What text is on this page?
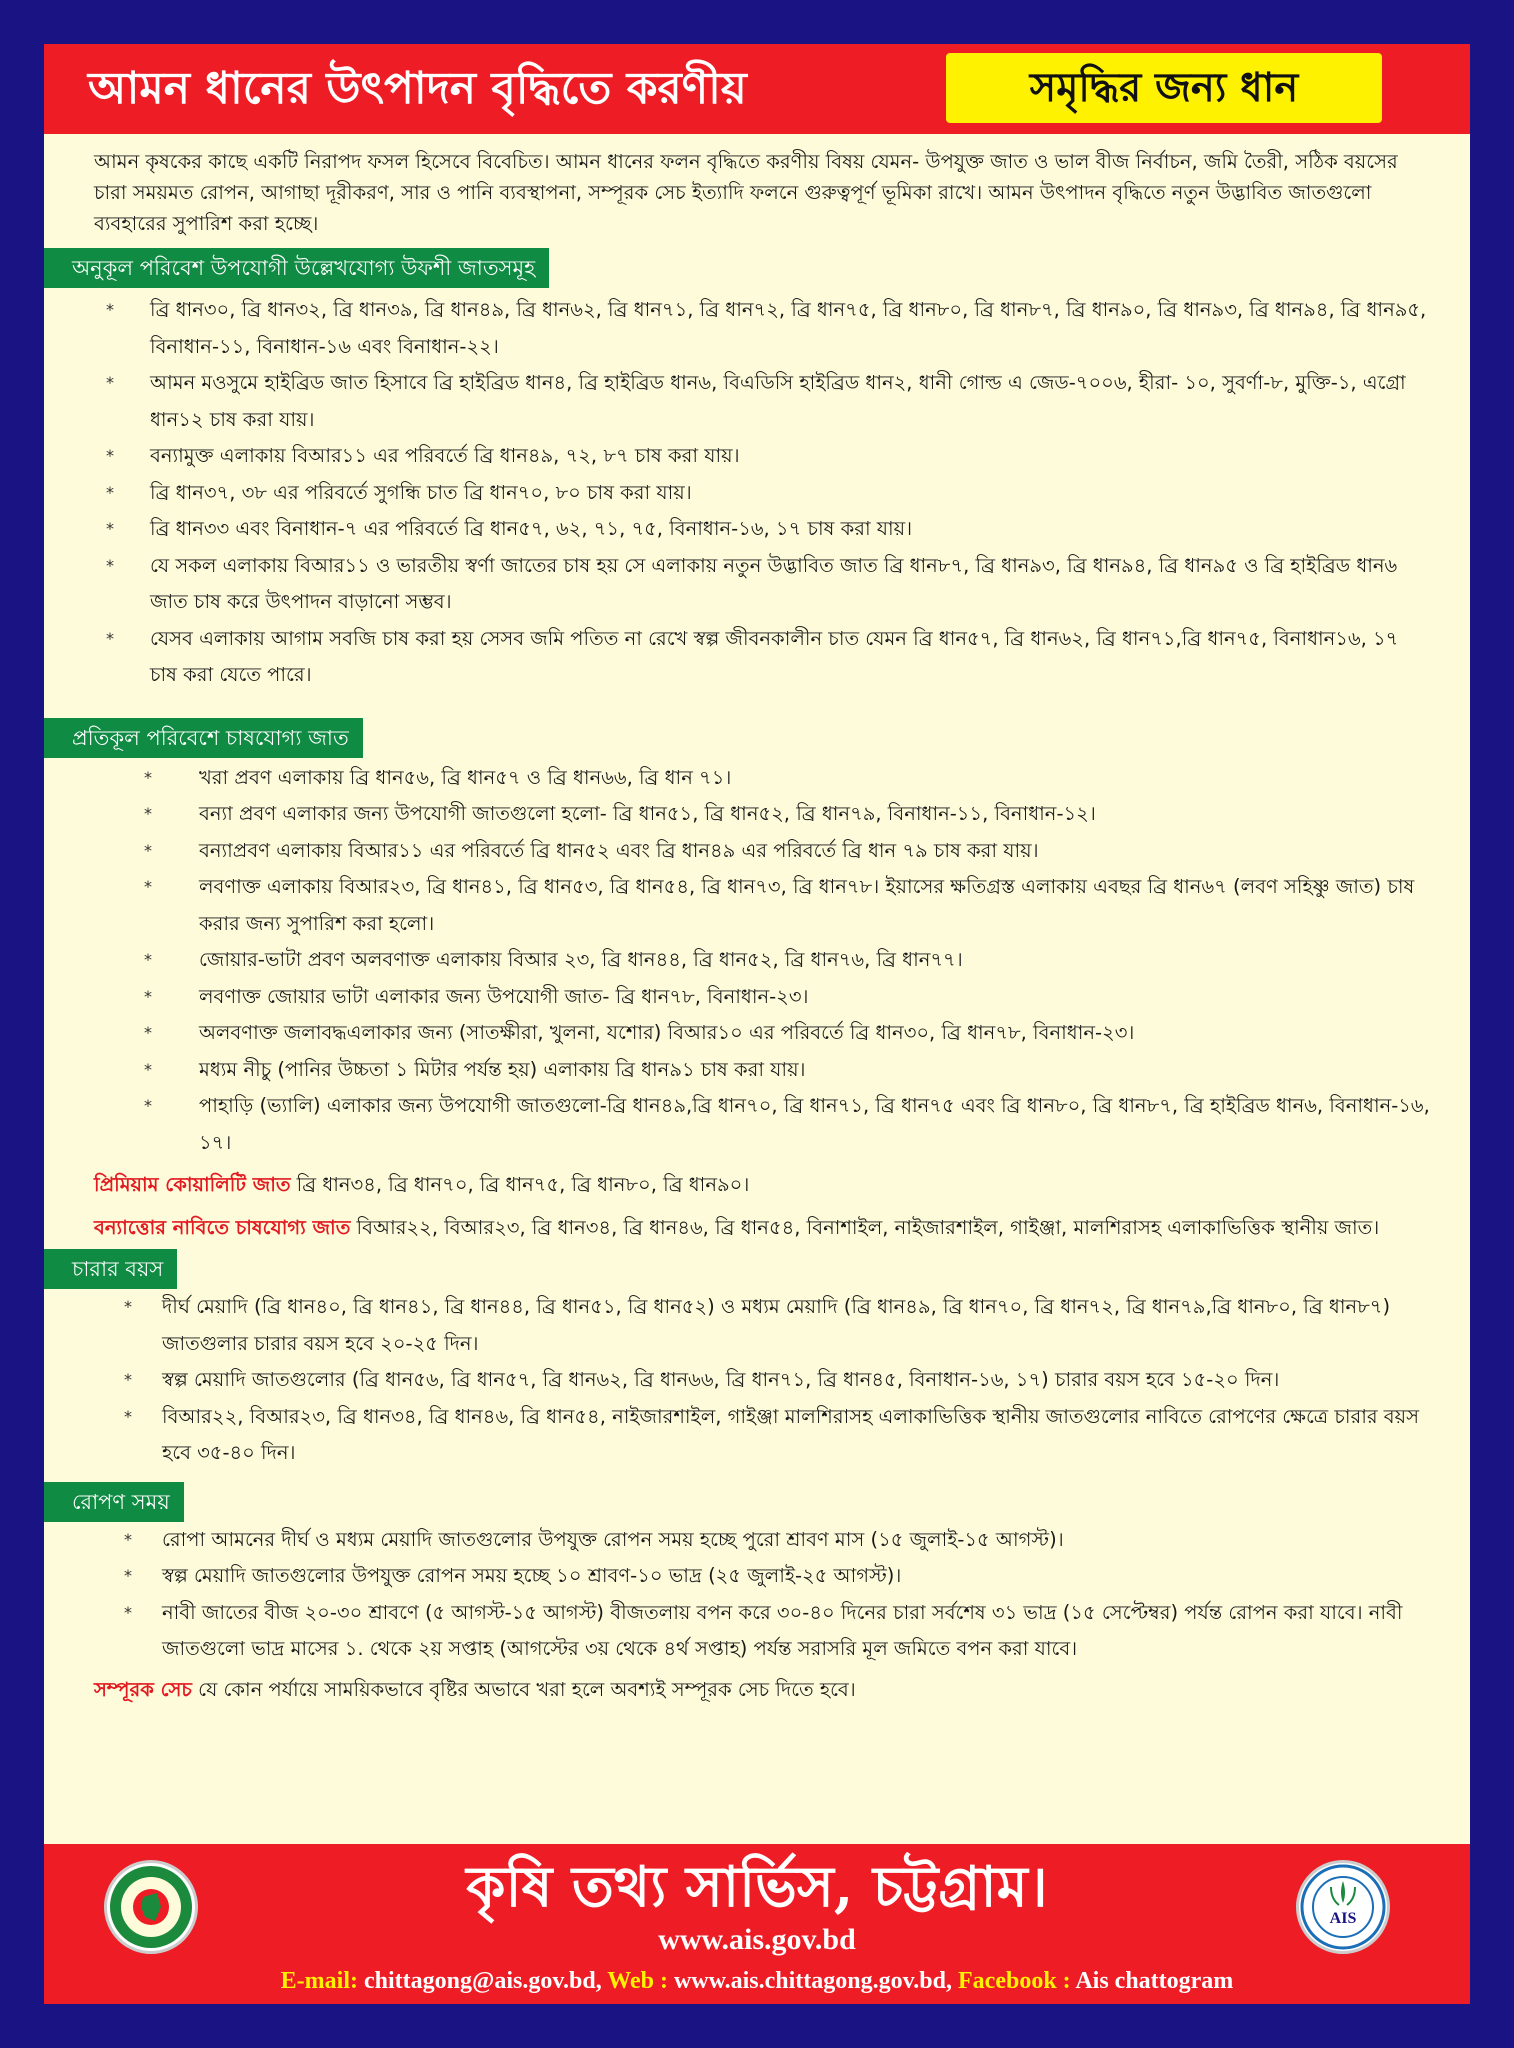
আমন ধানের উৎপাদন বৃদ্ধিতে করণীয়	সমৃদ্ধির জন্য ধান

আমন কৃষকের কাছে একটি নিরাপদ ফসল হিসেবে বিবেচিত। আমন ধানের ফলন বৃদ্ধিতে করণীয় বিষয় যেমন- উপযুক্ত জাত ও ভাল বীজ নির্বাচন, জমি তৈরী, সঠিক বয়সের চারা সময়মত রোপন, আগাছা দূরীকরণ, সার ও পানি ব্যবস্থাপনা, সম্পূরক সেচ ইত্যাদি ফলনে গুরুত্বপূর্ণ ভূমিকা রাখে। আমন উৎপাদন বৃদ্ধিতে নতুন উদ্ভাবিত জাতগুলো ব্যবহারের সুপারিশ করা হচ্ছে।

অনুকূল পরিবেশ উপযোগী উল্লেখযোগ্য উফশী জাতসমূহ
* ব্রি ধান৩০, ব্রি ধান৩২, ব্রি ধান৩৯, ব্রি ধান৪৯, ব্রি ধান৬২, ব্রি ধান৭১, ব্রি ধান৭২, ব্রি ধান৭৫, ব্রি ধান৮০, ব্রি ধান৮৭, ব্রি ধান৯০, ব্রি ধান৯৩, ব্রি ধান৯৪, ব্রি ধান৯৫, বিনাধান-১১, বিনাধান-১৬ এবং বিনাধান-২২।
* আমন মওসুমে হাইব্রিড জাত হিসাবে ব্রি হাইব্রিড ধান৪, ব্রি হাইব্রিড ধান৬, বিএডিসি হাইব্রিড ধান২, ধানী গোল্ড এ জেড-৭০০৬, হীরা- ১০, সুবর্ণা-৮, মুক্তি-১, এগ্রো ধান১২ চাষ করা যায়।
* বন্যামুক্ত এলাকায় বিআর১১ এর পরিবর্তে ব্রি ধান৪৯, ৭২, ৮৭ চাষ করা যায়।
* ব্রি ধান৩৭, ৩৮ এর পরিবর্তে সুগন্ধি চাত ব্রি ধান৭০, ৮০ চাষ করা যায়।
* ব্রি ধান৩৩ এবং বিনাধান-৭ এর পরিবর্তে ব্রি ধান৫৭, ৬২, ৭১, ৭৫, বিনাধান-১৬, ১৭ চাষ করা যায়।
* যে সকল এলাকায় বিআর১১ ও ভারতীয় স্বর্ণা জাতের চাষ হয় সে এলাকায় নতুন উদ্ভাবিত জাত ব্রি ধান৮৭, ব্রি ধান৯৩, ব্রি ধান৯৪, ব্রি ধান৯৫ ও ব্রি হাইব্রিড ধান৬ জাত চাষ করে উৎপাদন বাড়ানো সম্ভব।
* যেসব এলাকায় আগাম সবজি চাষ করা হয় সেসব জমি পতিত না রেখে স্বল্প জীবনকালীন চাত যেমন ব্রি ধান৫৭, ব্রি ধান৬২, ব্রি ধান৭১,ব্রি ধান৭৫, বিনাধান১৬, ১৭ চাষ করা যেতে পারে।
প্রতিকূল পরিবেশে চাষযোগ্য জাত
* খরা প্রবণ এলাকায় ব্রি ধান৫৬, ব্রি ধান৫৭ ও ব্রি ধান৬৬, ব্রি ধান ৭১।
* বন্যা প্রবণ এলাকার জন্য উপযোগী জাতগুলো হলো- ব্রি ধান৫১, ব্রি ধান৫২, ব্রি ধান৭৯, বিনাধান-১১, বিনাধান-১২।
* বন্যাপ্রবণ এলাকায় বিআর১১ এর পরিবর্তে ব্রি ধান৫২ এবং ব্রি ধান৪৯ এর পরিবর্তে ব্রি ধান ৭৯ চাষ করা যায়।
* লবণাক্ত এলাকায় বিআর২৩, ব্রি ধান৪১, ব্রি ধান৫৩, ব্রি ধান৫৪, ব্রি ধান৭৩, ব্রি ধান৭৮। ইয়াসের ক্ষতিগ্রস্ত এলাকায় এবছর ব্রি ধান৬৭ (লবণ সহিষ্ণু জাত) চাষ করার জন্য সুপারিশ করা হলো।
* জোয়ার-ভাটা প্রবণ অলবণাক্ত এলাকায় বিআর ২৩, ব্রি ধান৪৪, ব্রি ধান৫২, ব্রি ধান৭৬, ব্রি ধান৭৭।
* লবণাক্ত জোয়ার ভাটা এলাকার জন্য উপযোগী জাত- ব্রি ধান৭৮, বিনাধান-২৩।
* অলবণাক্ত জলাবদ্ধএলাকার জন্য (সাতক্ষীরা, খুলনা, যশোর) বিআর১০ এর পরিবর্তে ব্রি ধান৩০, ব্রি ধান৭৮, বিনাধান-২৩।
* মধ্যম নীচু (পানির উচ্চতা ১ মিটার পর্যন্ত হয়) এলাকায় ব্রি ধান৯১ চাষ করা যায়।
* পাহাড়ি (ভ্যালি) এলাকার জন্য উপযোগী জাতগুলো-ব্রি ধান৪৯,ব্রি ধান৭০, ব্রি ধান৭১, ব্রি ধান৭৫ এবং ব্রি ধান৮০, ব্রি ধান৮৭, ব্রি হাইব্রিড ধান৬, বিনাধান-১৬, ১৭।

প্রিমিয়াম কোয়ালিটি জাত ব্রি ধান৩৪, ব্রি ধান৭০, ব্রি ধান৭৫, ব্রি ধান৮০, ব্রি ধান৯০।

বন্যাত্তোর নাবিতে চাষযোগ্য জাত বিআর২২, বিআর২৩, ব্রি ধান৩৪, ব্রি ধান৪৬, ব্রি ধান৫৪, বিনাশাইল, নাইজারশাইল, গাইঞ্জা, মালশিরাসহ এলাকাভিত্তিক স্থানীয় জাত।

চারার বয়স
* দীর্ঘ মেয়াদি (ব্রি ধান৪০, ব্রি ধান৪১, ব্রি ধান৪৪, ব্রি ধান৫১, ব্রি ধান৫২) ও মধ্যম মেয়াদি (ব্রি ধান৪৯, ব্রি ধান৭০, ব্রি ধান৭২, ব্রি ধান৭৯,ব্রি ধান৮০, ব্রি ধান৮৭) জাতগুলার চারার বয়স হবে ২০-২৫ দিন।
* স্বল্প মেয়াদি জাতগুলোর (ব্রি ধান৫৬, ব্রি ধান৫৭, ব্রি ধান৬২, ব্রি ধান৬৬, ব্রি ধান৭১, ব্রি ধান৪৫, বিনাধান-১৬, ১৭) চারার বয়স হবে ১৫-২০ দিন।
* বিআর২২, বিআর২৩, ব্রি ধান৩৪, ব্রি ধান৪৬, ব্রি ধান৫৪, নাইজারশাইল, গাইঞ্জা মালশিরাসহ এলাকাভিত্তিক স্থানীয় জাতগুলোর নাবিতে রোপণের ক্ষেত্রে চারার বয়স হবে ৩৫-৪০ দিন।
রোপণ সময়
* রোপা আমনের দীর্ঘ ও মধ্যম মেয়াদি জাতগুলোর উপযুক্ত রোপন সময় হচ্ছে পুরো শ্রাবণ মাস (১৫ জুলাই-১৫ আগস্ট)।
* স্বল্প মেয়াদি জাতগুলোর উপযুক্ত রোপন সময় হচ্ছে ১০ শ্রাবণ-১০ ভাদ্র (২৫ জুলাই-২৫ আগস্ট)।
* নাবী জাতের বীজ ২০-৩০ শ্রাবণে (৫ আগস্ট-১৫ আগস্ট) বীজতলায় বপন করে ৩০-৪০ দিনের চারা সর্বশেষ ৩১ ভাদ্র (১৫ সেপ্টেম্বর) পর্যন্ত রোপন করা যাবে। নাবী জাতগুলো ভাদ্র মাসের ১. থেকে ২য় সপ্তাহ (আগস্টের ৩য় থেকে ৪র্থ সপ্তাহ) পর্যন্ত সরাসরি মূল জমিতে বপন করা যাবে।

সম্পূরক সেচ যে কোন পর্যায়ে সাময়িকভাবে বৃষ্টির অভাবে খরা হলে অবশ্যই সম্পূরক সেচ দিতে হবে।

কৃষি তথ্য সার্ভিস, চট্টগ্রাম।	AIS
www.ais.gov.bd
E-mail: chittagong@ais.gov.bd, Web : www.ais.chittagong.gov.bd, Facebook : Ais chattogram
